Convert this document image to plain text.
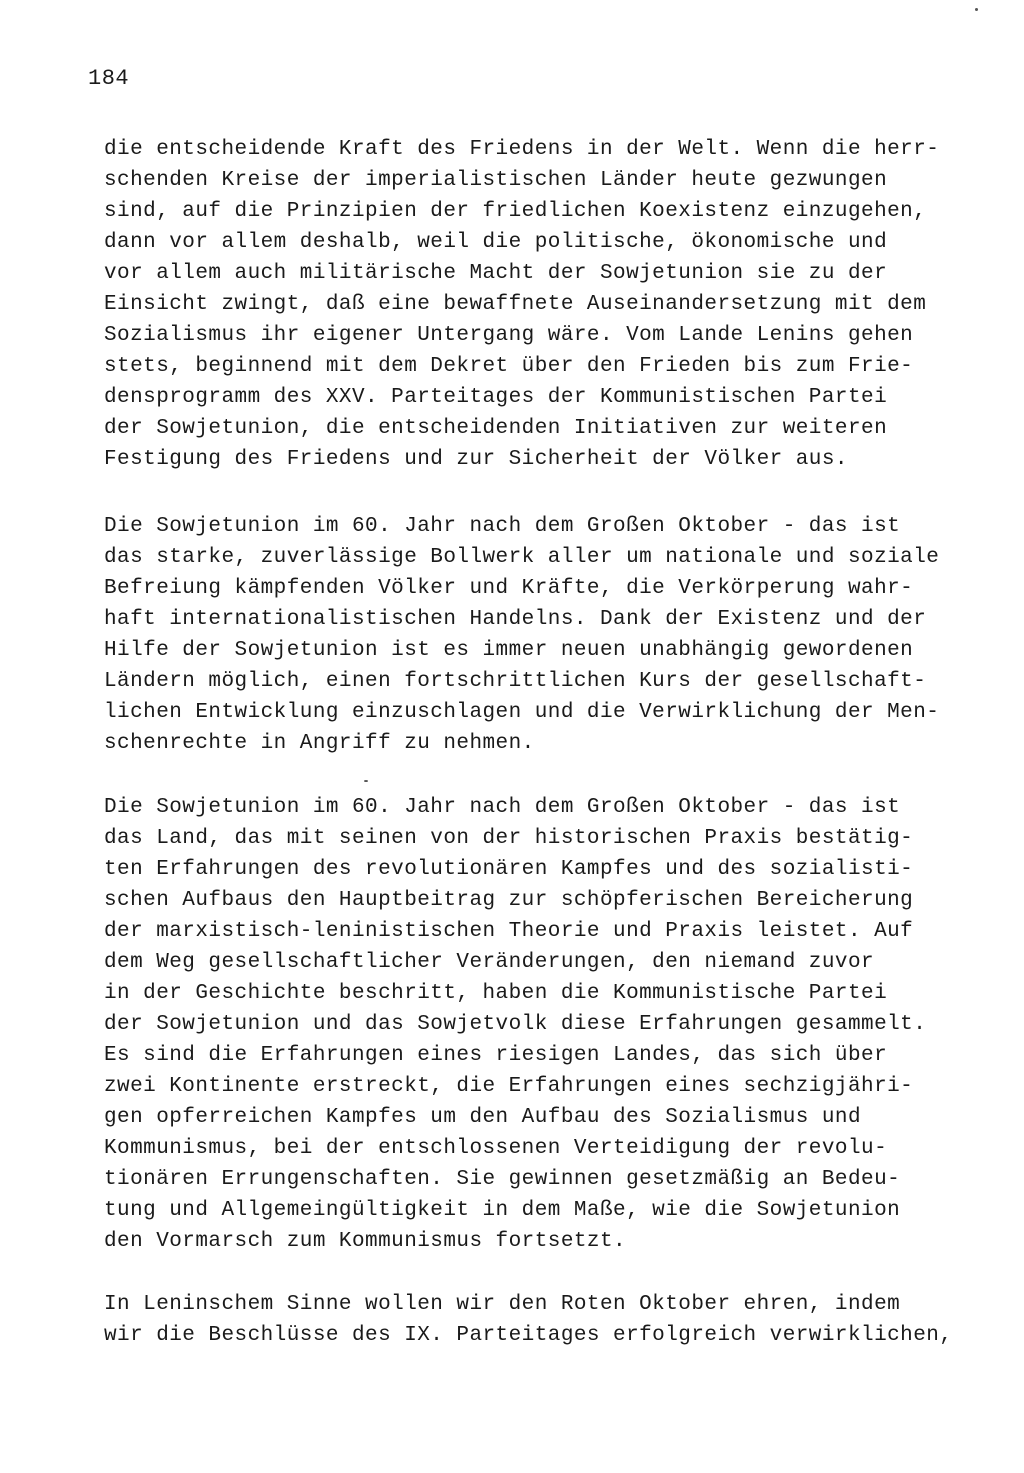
184
die entscheidende Kraft des Friedens in der Welt. Wenn die herr-
schenden Kreise der imperialistischen Länder heute gezwungen
sind, auf die Prinzipien der friedlichen Koexistenz einzugehen,
dann vor allem deshalb, weil die politische, ökonomische und
vor allem auch militärische Macht der Sowjetunion sie zu der
Einsicht zwingt, daß eine bewaffnete Auseinandersetzung mit dem
Sozialismus ihr eigener Untergang wäre. Vom Lande Lenins gehen
stets, beginnend mit dem Dekret über den Frieden bis zum Frie-
densprogramm des XXV. Parteitages der Kommunistischen Partei
der Sowjetunion, die entscheidenden Initiativen zur weiteren
Festigung des Friedens und zur Sicherheit der Völker aus.
Die Sowjetunion im 60. Jahr nach dem Großen Oktober - das ist
das starke, zuverlässige Bollwerk aller um nationale und soziale
Befreiung kämpfenden Völker und Kräfte, die Verkörperung wahr-
haft internationalistischen Handelns. Dank der Existenz und der
Hilfe der Sowjetunion ist es immer neuen unabhängig gewordenen
Ländern möglich, einen fortschrittlichen Kurs der gesellschaft-
lichen Entwicklung einzuschlagen und die Verwirklichung der Men-
schenrechte in Angriff zu nehmen.
Die Sowjetunion im 60. Jahr nach dem Großen Oktober - das ist
das Land, das mit seinen von der historischen Praxis bestätig-
ten Erfahrungen des revolutionären Kampfes und des sozialisti-
schen Aufbaus den Hauptbeitrag zur schöpferischen Bereicherung
der marxistisch-leninistischen Theorie und Praxis leistet. Auf
dem Weg gesellschaftlicher Veränderungen, den niemand zuvor
in der Geschichte beschritt, haben die Kommunistische Partei
der Sowjetunion und das Sowjetvolk diese Erfahrungen gesammelt.
Es sind die Erfahrungen eines riesigen Landes, das sich über
zwei Kontinente erstreckt, die Erfahrungen eines sechzigjähri-
gen opferreichen Kampfes um den Aufbau des Sozialismus und
Kommunismus, bei der entschlossenen Verteidigung der revolu-
tionären Errungenschaften. Sie gewinnen gesetzmäßig an Bedeu-
tung und Allgemeingültigkeit in dem Maße, wie die Sowjetunion
den Vormarsch zum Kommunismus fortsetzt.
In Leninschem Sinne wollen wir den Roten Oktober ehren, indem
wir die Beschlüsse des IX. Parteitages erfolgreich verwirklichen,
